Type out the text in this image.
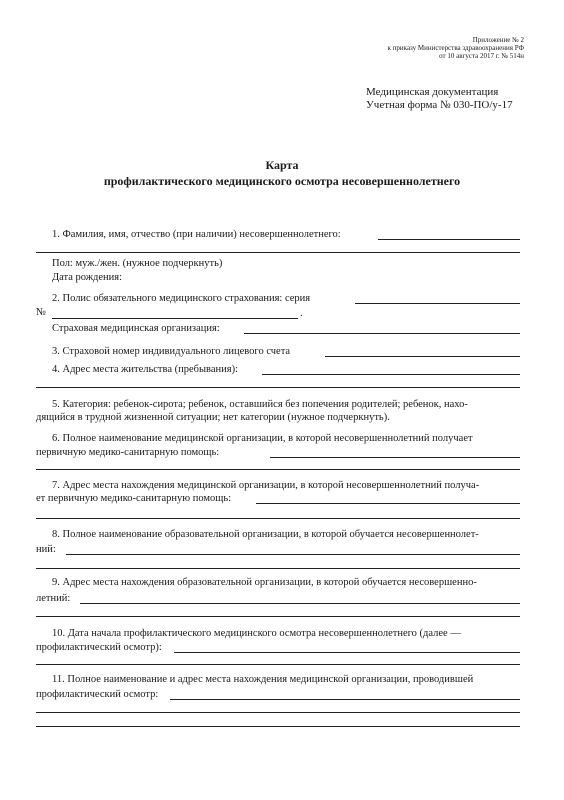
Приложение № 2
к приказу Министерства здравоохранения РФ
от 10 августа 2017 г. № 514н
Медицинская документация
Учетная форма № 030-ПО/у-17
Карта
профилактического медицинского осмотра несовершеннолетнего
1. Фамилия, имя, отчество (при наличии) несовершеннолетнего:
Пол: муж./жен. (нужное подчеркнуть)
Дата рождения:
2. Полис обязательного медицинского страхования: серия
№	.
Страховая медицинская организация:
3. Страховой номер индивидуального лицевого счета
4. Адрес места жительства (пребывания):
5. Категория: ребенок-сирота; ребенок, оставшийся без попечения родителей; ребенок, нахо-
дящийся в трудной жизненной ситуации; нет категории (нужное подчеркнуть).
6. Полное наименование медицинской организации, в которой несовершеннолетний получает
первичную медико-санитарную помощь:
7. Адрес места нахождения медицинской организации, в которой несовершеннолетний получа-
ет первичную медико-санитарную помощь:
8. Полное наименование образовательной организации, в которой обучается несовершеннолет-
ний:
9. Адрес места нахождения образовательной организации, в которой обучается несовершенно-
летний:
10. Дата начала профилактического медицинского осмотра несовершеннолетнего (далее —
профилактический осмотр):
11. Полное наименование и адрес места нахождения медицинской организации, проводившей
профилактический осмотр:
